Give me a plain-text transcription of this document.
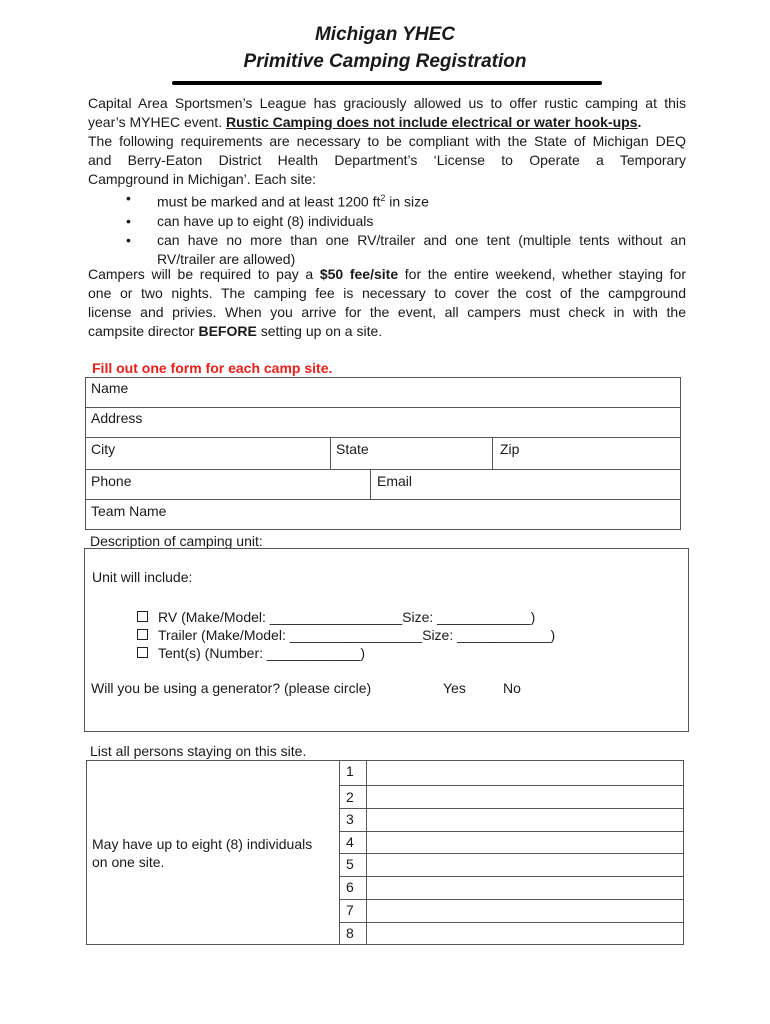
Michigan YHEC
Primitive Camping Registration
Capital Area Sportsmen’s League has graciously allowed us to offer rustic camping at this
year’s MYHEC event. Rustic Camping does not include electrical or water hook-ups.
The following requirements are necessary to be compliant with the State of Michigan DEQ
and Berry-Eaton District Health Department’s ‘License to Operate a Temporary
Campground in Michigan’. Each site:
•	must be marked and at least 1200 $ft^2$ in size
•	can have up to eight (8) individuals
•	can have no more than one RV/trailer and one tent (multiple tents without an
RV/trailer are allowed)
Campers will be required to pay a $50 fee/site for the entire weekend, whether staying for
one or two nights. The camping fee is necessary to cover the cost of the campground
license and privies. When you arrive for the event, all campers must check in with the
campsite director BEFORE setting up on a site.
Fill out one form for each camp site.
Name
Address
City	State	Zip
Phone	Email
Team Name
Description of camping unit:
Unit will include:
RV (Make/Model: _________________Size: ____________)
Trailer (Make/Model: _________________Size: ____________)
Tent(s) (Number: ____________)
Will you be using a generator? (please circle)	Yes	No
List all persons staying on this site.
May have up to eight (8) individuals
on one site.
1
2
3
4
5
6
7
8
